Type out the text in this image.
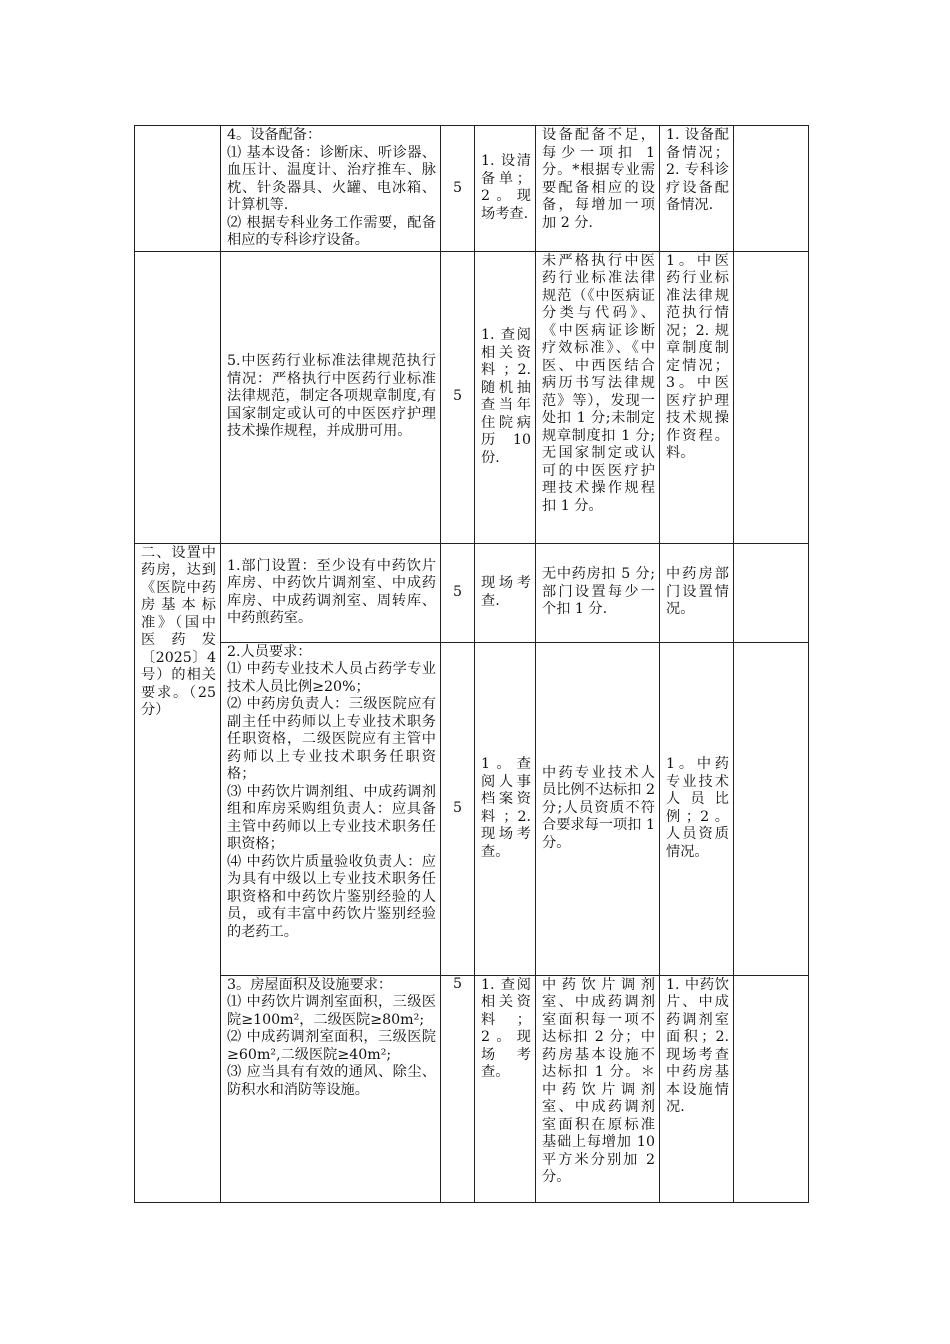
	4。设备配备：
⑴ 基本设备：诊断床、听诊器、血压计、温度计、治疗推车、脉枕、针灸器具、火罐、电冰箱、计算机等.
⑵ 根据专科业务工作需要，配备相应的专科诊疗设备。	5	1. 设清备单；2。现场考查.	设备配备不足，每少一项扣 1 分。*根据专业需要配备相应的设备，每增加一项加 2 分.	1. 设备配备情况；2. 专科诊疗设备配备情况.	

	5.中医药行业标准法律规范执行情况：严格执行中医药行业标准法律规范，制定各项规章制度,有国家制定或认可的中医医疗护理技术操作规程，并成册可用。	5	1. 查阅相关资料；2. 随机抽查当年住院病历 10 份.	未严格执行中医药行业标准法律规范（《中医病证分类与代码》、《中医病证诊断疗效标准》、《中医、中西医结合病历书写法律规范》等），发现一处扣 1 分;未制定规章制度扣 1 分;无国家制定或认可的中医医疗护理技术操作规程扣 1 分。	1。中医药行业标准法律规范执行情况；2. 规章制度制定情况；3。中医医疗护理技术规操作资程。料。	
二、设置中药房，达到《医院中药房基本标准》（国中医药发〔2025〕4 号）的相关要求。（25 分）	1.部门设置：至少设有中药饮片库房、中药饮片调剂室、中成药库房、中成药调剂室、周转库、中药煎药室。	5	现场考查.	无中药房扣 5 分;部门设置每少一个扣 1 分.	中药房部门设置情况。	

	2.人员要求：
⑴ 中药专业技术人员占药学专业技术人员比例≥20%；
⑵ 中药房负责人：三级医院应有副主任中药师以上专业技术职务任职资格，二级医院应有主管中药师以上专业技术职务任职资格；
⑶ 中药饮片调剂组、中成药调剂组和库房采购组负责人：应具备主管中药师以上专业技术职务任职资格；
⑷ 中药饮片质量验收负责人：应为具有中级以上专业技术职务任职资格和中药饮片鉴别经验的人员，或有丰富中药饮片鉴别经验的老药工。	5	1。查阅人事档案资料；2. 现场考查。	中药专业技术人员比例不达标扣 2 分;人员资质不符合要求每一项扣 1 分。	1。中药专业技术人员比例；2。人员资质情况。	

	3。房屋面积及设施要求：
⑴ 中药饮片调剂室面积，三级医院≥100m²，二级医院≥80m²;
⑵ 中成药调剂室面积，三级医院≥60m²,二级医院≥40m²;
⑶ 应当具有有效的通风、除尘、防积水和消防等设施。	5	1. 查阅相关资料；2。现场考查。	中药饮片调剂室、中成药调剂室面积每一项不达标扣 2 分；中药房基本设施不达标扣 1 分。＊中药饮片调剂室、中成药调剂室面积在原标准基础上每增加 10 平方米分别加 2 分。	1. 中药饮片、中成药调剂室面积；2. 现场考查中药房基本设施情况.	
